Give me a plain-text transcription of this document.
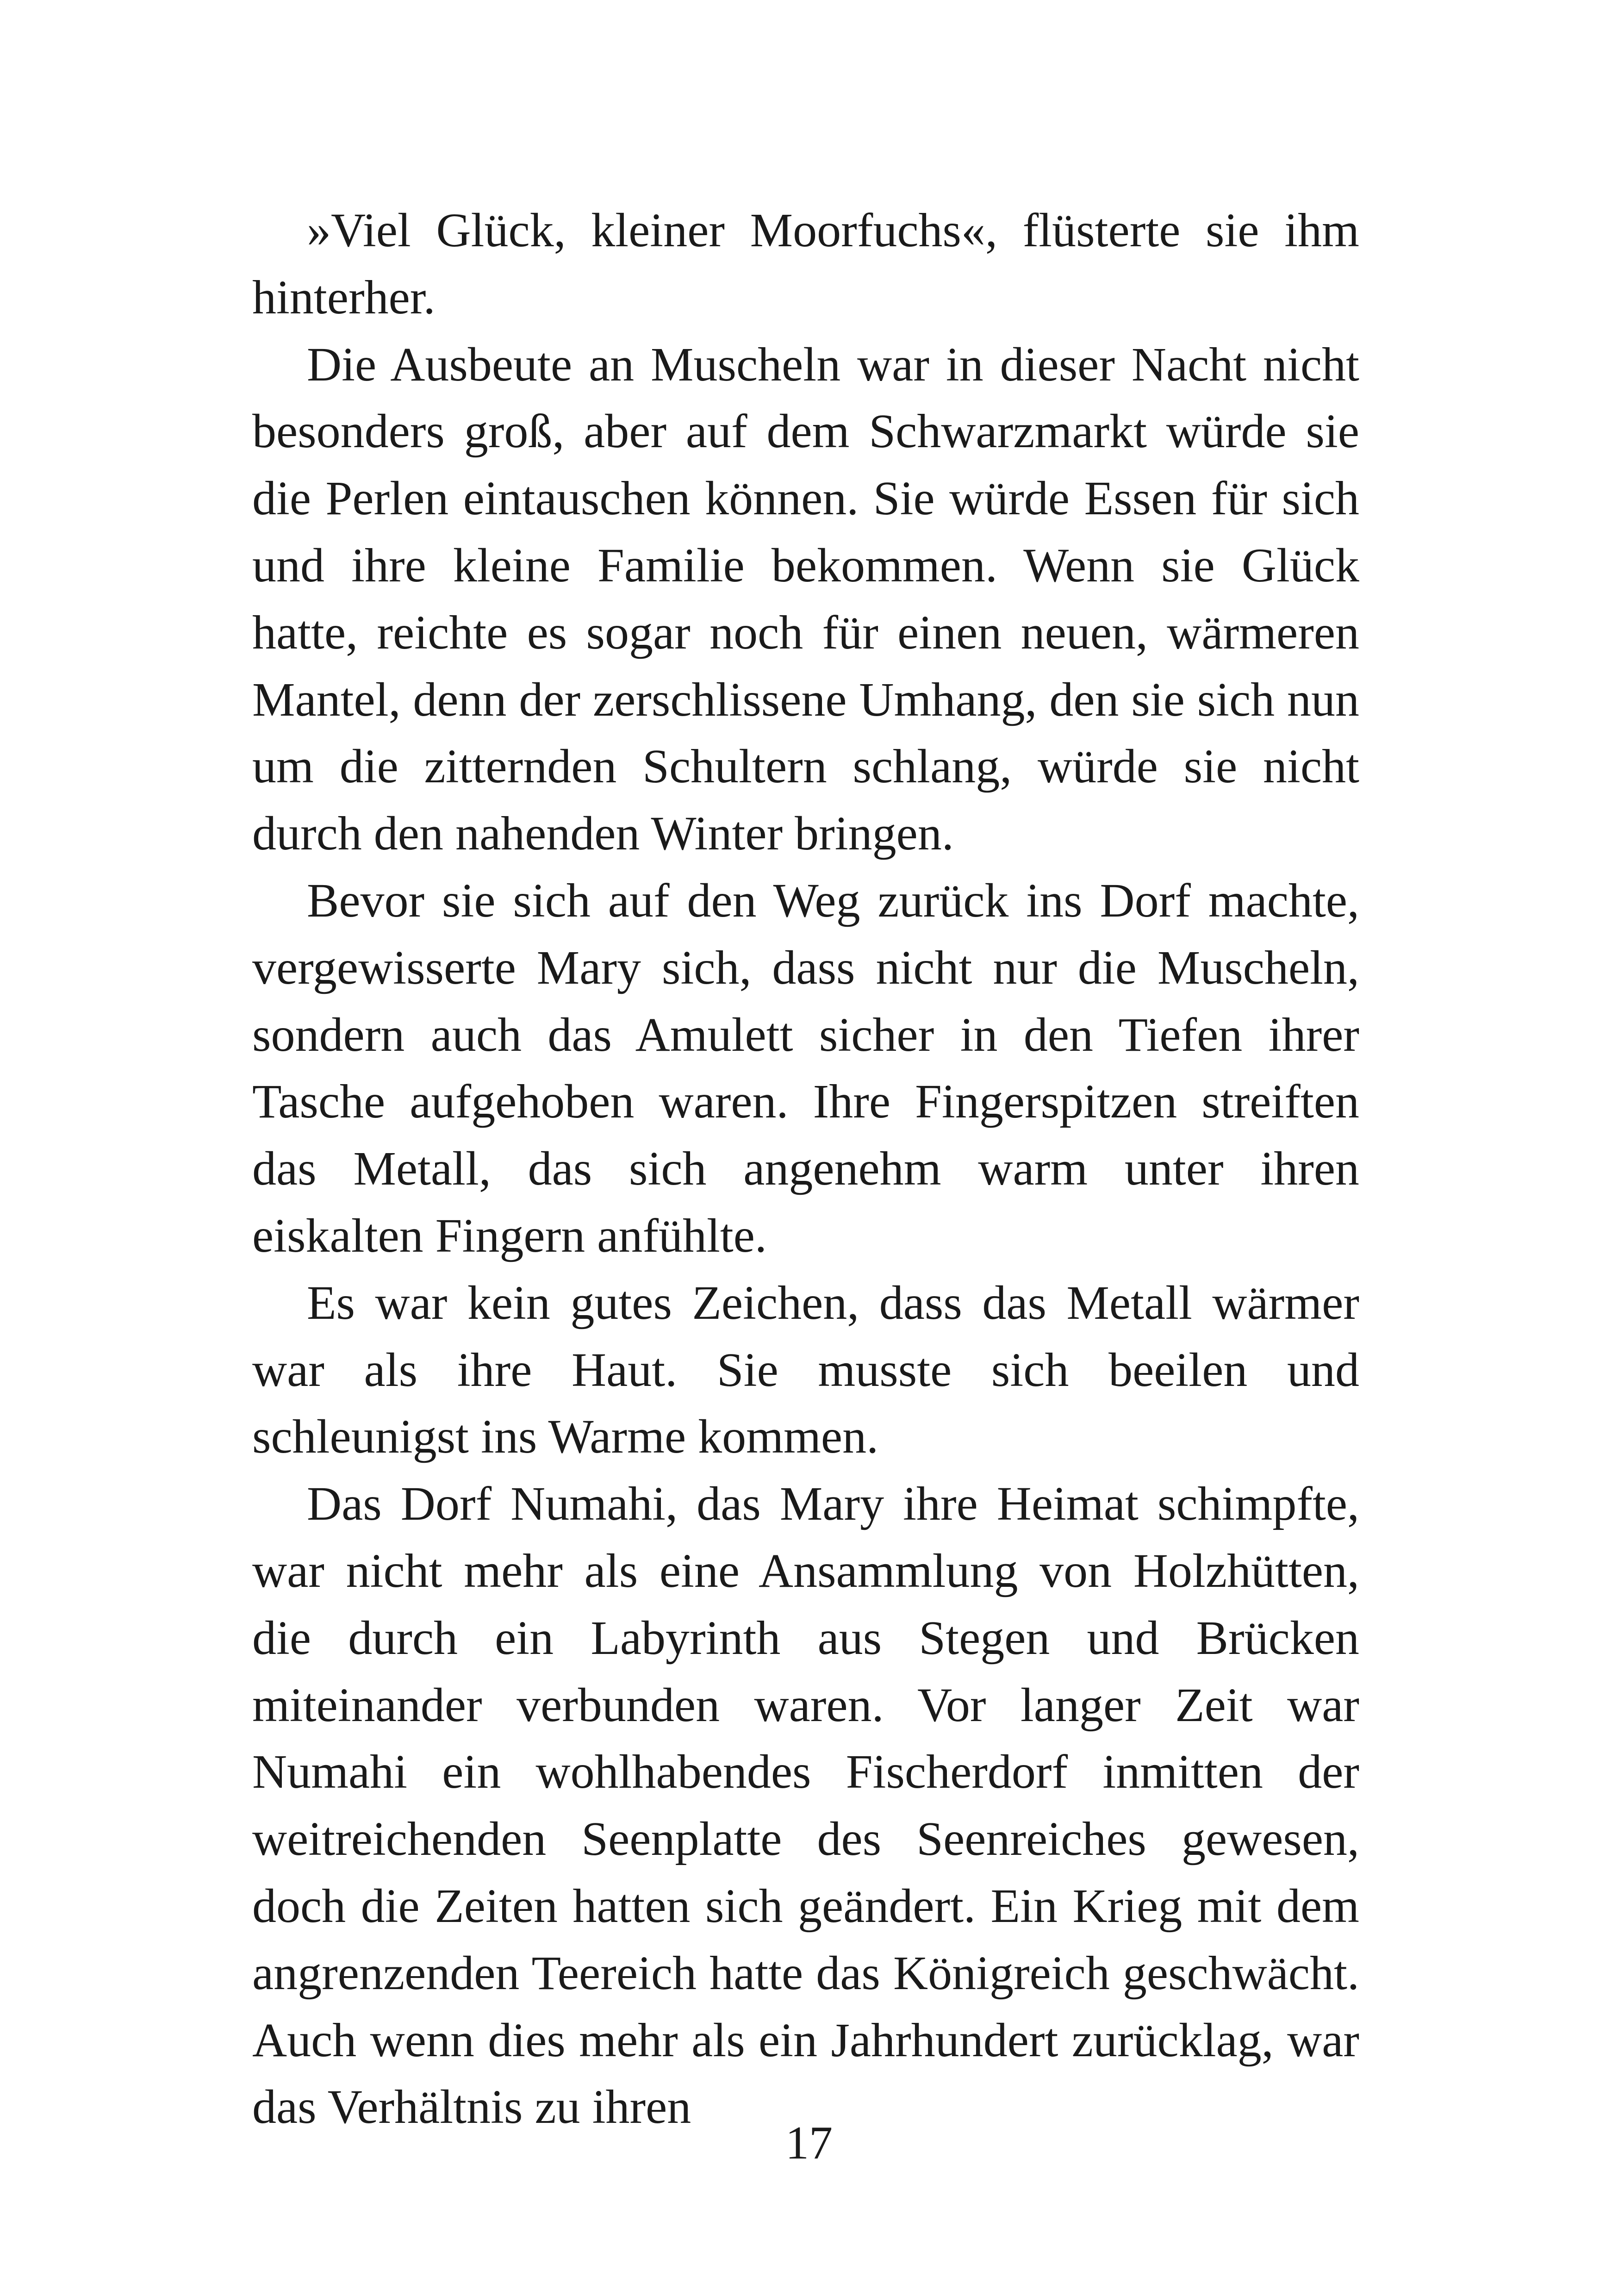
»Viel Glück, kleiner Moorfuchs«, flüsterte sie ihm hinterher.

Die Ausbeute an Muscheln war in dieser Nacht nicht besonders groß, aber auf dem Schwarzmarkt würde sie die Perlen eintauschen können. Sie würde Essen für sich und ihre kleine Familie bekommen. Wenn sie Glück hatte, reichte es sogar noch für einen neuen, wärmeren Mantel, denn der zerschlissene Umhang, den sie sich nun um die zitternden Schultern schlang, würde sie nicht durch den nahenden Winter bringen.

Bevor sie sich auf den Weg zurück ins Dorf machte, vergewisserte Mary sich, dass nicht nur die Muscheln, sondern auch das Amulett sicher in den Tiefen ihrer Tasche aufgehoben waren. Ihre Fingerspitzen streiften das Metall, das sich angenehm warm unter ihren eiskalten Fingern anfühlte.

Es war kein gutes Zeichen, dass das Metall wärmer war als ihre Haut. Sie musste sich beeilen und schleunigst ins Warme kommen.

Das Dorf Numahi, das Mary ihre Heimat schimpfte, war nicht mehr als eine Ansammlung von Holzhütten, die durch ein Labyrinth aus Stegen und Brücken miteinander verbunden waren. Vor langer Zeit war Numahi ein wohlhabendes Fischerdorf inmitten der weitreichenden Seenplatte des Seenreiches gewesen, doch die Zeiten hatten sich geändert. Ein Krieg mit dem angrenzenden Teereich hatte das Königreich geschwächt. Auch wenn dies mehr als ein Jahrhundert zurücklag, war das Verhältnis zu ihren

17
